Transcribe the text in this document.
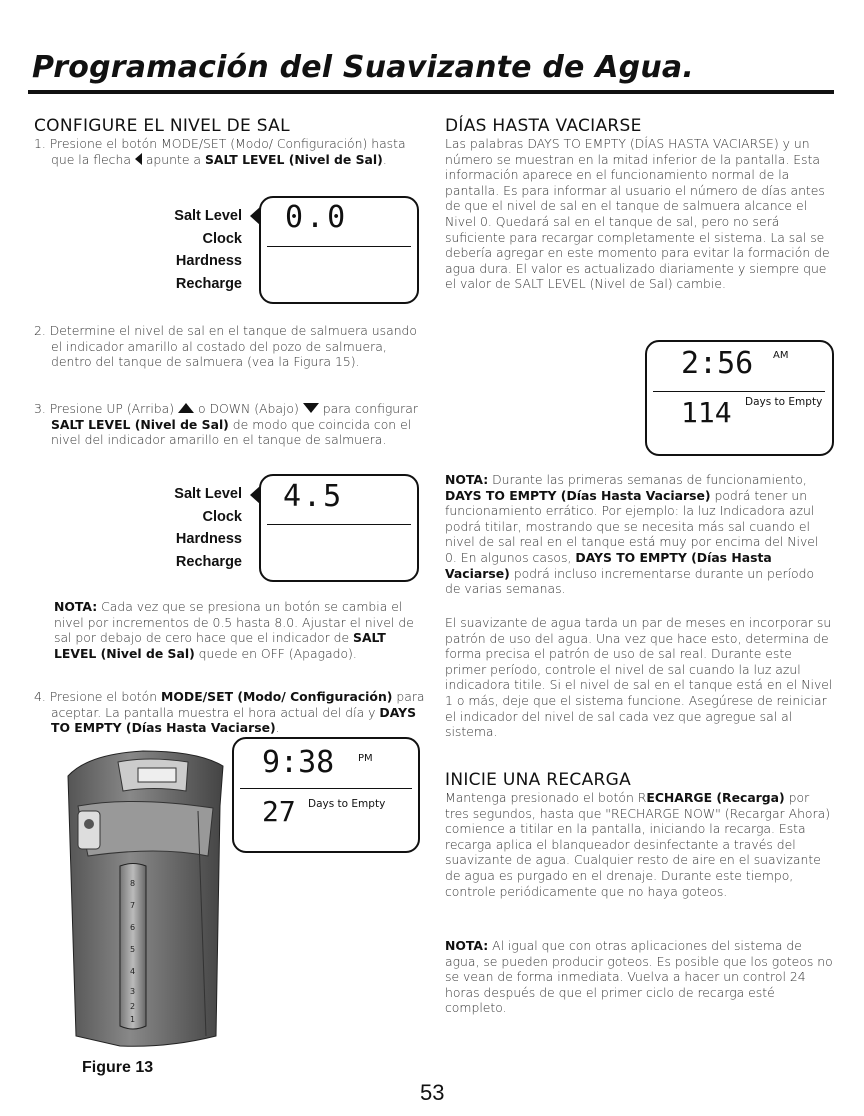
Programación del Suavizante de Agua.
CONFIGURE EL NIVEL DE SAL
1. Presione el botón MODE/SET (Modo/ Configuración) hasta que la flecha  apunte a SALT LEVEL (Nivel de Sal).
Salt Level
Clock
Hardness
Recharge
0.0
2. Determine el nivel de sal en el tanque de salmuera usando el indicador amarillo al costado del pozo de salmuera, dentro del tanque de salmuera (vea la Figura 15).
3. Presione UP (Arriba)  o DOWN (Abajo)  para configurar SALT LEVEL (Nivel de Sal) de modo que coincida con el nivel del indicador amarillo en el tanque de salmuera.
Salt Level
Clock
Hardness
Recharge
4.5
NOTA: Cada vez que se presiona un botón se cambia el nivel por incrementos de 0.5 hasta 8.0. Ajustar el nivel de sal por debajo de cero hace que el indicador de SALT LEVEL (Nivel de Sal) quede en OFF (Apagado).
4. Presione el botón MODE/SET (Modo/ Configuración) para aceptar. La pantalla muestra el hora actual del día y DAYS TO EMPTY (Días Hasta Vaciarse).
8
7
6
5
4
3
2
1
9:38 PM
27 Days to Empty
Figure 13
DÍAS HASTA VACIARSE
Las palabras DAYS TO EMPTY (DÍAS HASTA VACIARSE) y un número se muestran en la mitad inferior de la pantalla. Esta información aparece en el funcionamiento normal de la pantalla. Es para informar al usuario el número de días antes de que el nivel de sal en el tanque de salmuera alcance el Nivel 0. Quedará sal en el tanque de sal, pero no será suficiente para recargar completamente el sistema. La sal se debería agregar en este momento para evitar la formación de agua dura. El valor es actualizado diariamente y siempre que el valor de SALT LEVEL (Nivel de Sal) cambie.
2:56 AM
114 Days to Empty
NOTA: Durante las primeras semanas de funcionamiento, DAYS TO EMPTY (Días Hasta Vaciarse) podrá tener un funcionamiento errático. Por ejemplo: la luz Indicadora azul podrá titilar, mostrando que se necesita más sal cuando el nivel de sal real en el tanque está muy por encima del Nivel 0. En algunos casos, DAYS TO EMPTY (Días Hasta Vaciarse) podrá incluso incrementarse durante un período de varias semanas.
El suavizante de agua tarda un par de meses en incorporar su patrón de uso del agua. Una vez que hace esto, determina de forma precisa el patrón de uso de sal real. Durante este primer período, controle el nivel de sal cuando la luz azul indicadora titile. Si el nivel de sal en el tanque está en el Nivel 1 o más, deje que el sistema funcione. Asegúrese de reiniciar el indicador del nivel de sal cada vez que agregue sal al sistema.
INICIE UNA RECARGA
Mantenga presionado el botón RECHARGE (Recarga) por tres segundos, hasta que "RECHARGE NOW" (Recargar Ahora) comience a titilar en la pantalla, iniciando la recarga. Esta recarga aplica el blanqueador desinfectante a través del suavizante de agua. Cualquier resto de aire en el suavizante de agua es purgado en el drenaje. Durante este tiempo, controle periódicamente que no haya goteos.
NOTA: Al igual que con otras aplicaciones del sistema de agua, se pueden producir goteos. Es posible que los goteos no se vean de forma inmediata. Vuelva a hacer un control 24 horas después de que el primer ciclo de recarga esté completo.
53
